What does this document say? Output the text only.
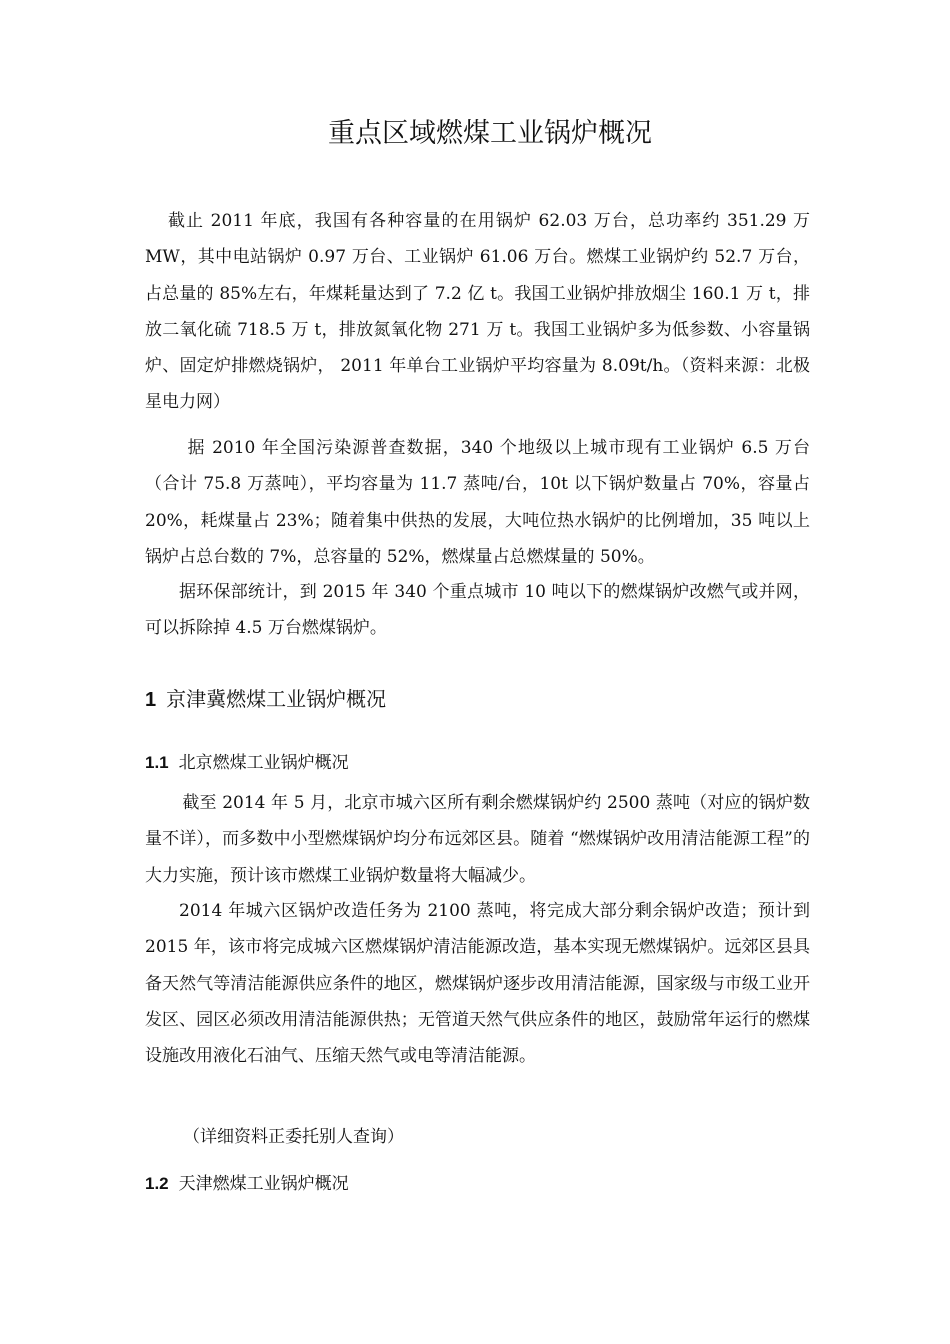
重点区域燃煤工业锅炉概况

截止 2011 年底，我国有各种容量的在用锅炉 62.03 万台，总功率约 351.29 万 MW，其中电站锅炉 0.97 万台、工业锅炉 61.06 万台。燃煤工业锅炉约 52.7 万台，占总量的 85%左右，年煤耗量达到了 7.2 亿 t。我国工业锅炉排放烟尘 160.1 万 t，排放二氧化硫 718.5 万 t，排放氮氧化物 271 万 t。我国工业锅炉多为低参数、小容量锅炉、固定炉排燃烧锅炉， 2011 年单台工业锅炉平均容量为 8.09t/h。（资料来源：北极星电力网）

据 2010 年全国污染源普查数据，340 个地级以上城市现有工业锅炉 6.5 万台（合计 75.8 万蒸吨），平均容量为 11.7 蒸吨/台，10t 以下锅炉数量占 70%，容量占 20%，耗煤量占 23%；随着集中供热的发展，大吨位热水锅炉的比例增加，35 吨以上锅炉占总台数的 7%，总容量的 52%，燃煤量占总燃煤量的 50%。

据环保部统计，到 2015 年 340 个重点城市 10 吨以下的燃煤锅炉改燃气或并网，可以拆除掉 4.5 万台燃煤锅炉。

1 京津冀燃煤工业锅炉概况
1.1 北京燃煤工业锅炉概况

截至 2014 年 5 月，北京市城六区所有剩余燃煤锅炉约 2500 蒸吨（对应的锅炉数量不详），而多数中小型燃煤锅炉均分布远郊区县。随着 “燃煤锅炉改用清洁能源工程”的大力实施，预计该市燃煤工业锅炉数量将大幅减少。

2014 年城六区锅炉改造任务为 2100 蒸吨，将完成大部分剩余锅炉改造；预计到 2015 年，该市将完成城六区燃煤锅炉清洁能源改造，基本实现无燃煤锅炉。远郊区县具备天然气等清洁能源供应条件的地区，燃煤锅炉逐步改用清洁能源，国家级与市级工业开发区、园区必须改用清洁能源供热；无管道天然气供应条件的地区，鼓励常年运行的燃煤设施改用液化石油气、压缩天然气或电等清洁能源。

（详细资料正委托别人查询）

1.2 天津燃煤工业锅炉概况
